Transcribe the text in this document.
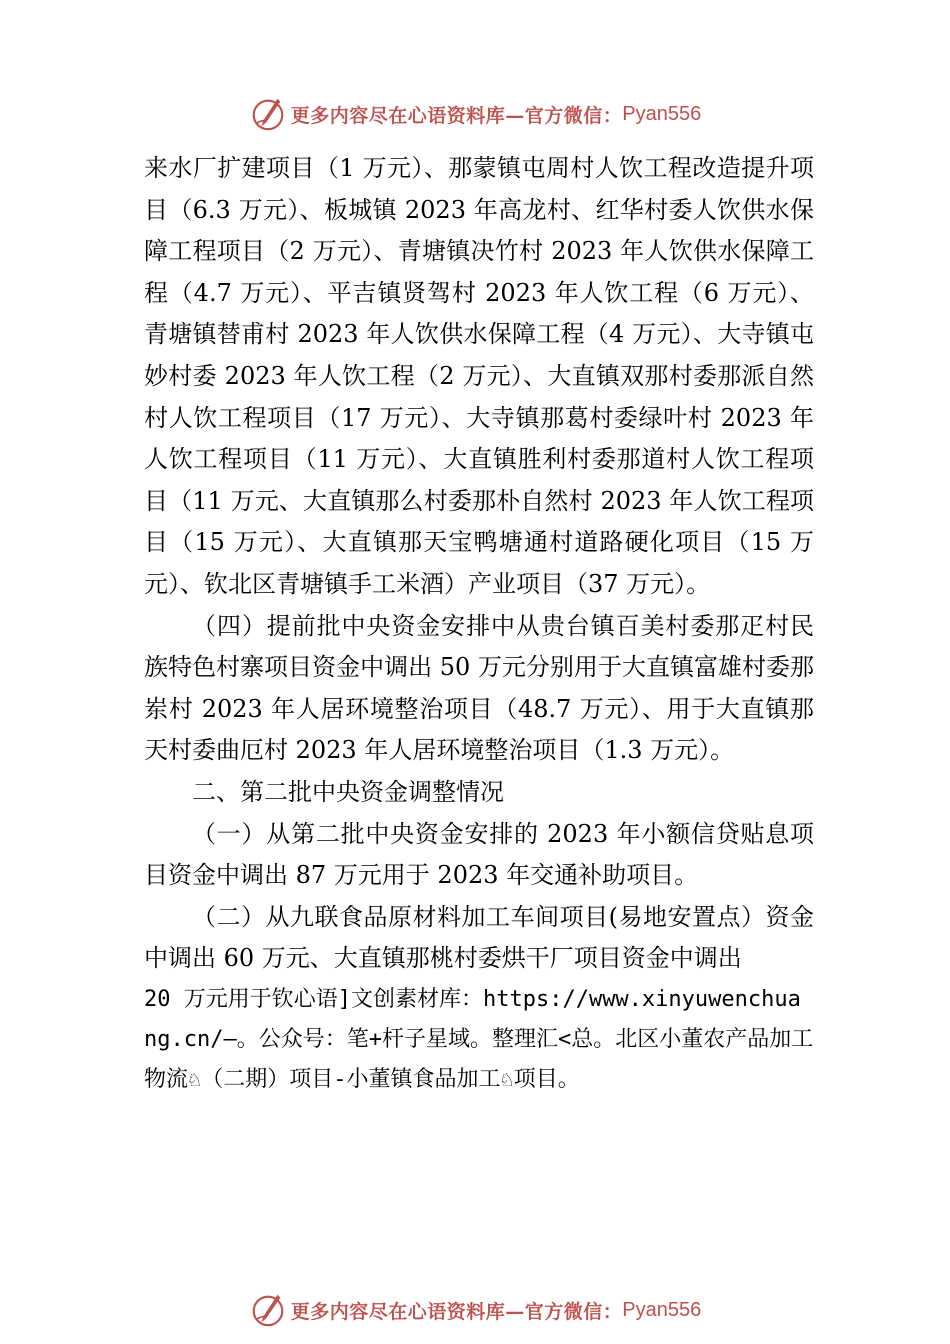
更多内容尽在心语资料库—官方微信： Pyan556

来水厂扩建项目（1 万元）、那蒙镇屯周村人饮工程改造提升项目（6.3 万元）、板城镇 2023 年高龙村、红华村委人饮供水保障工程项目（2 万元）、青塘镇决竹村 2023 年人饮供水保障工程（4.7 万元）、平吉镇贤驾村 2023 年人饮工程（6 万元）、青塘镇替甫村 2023 年人饮供水保障工程（4 万元）、大寺镇屯妙村委 2023 年人饮工程（2 万元）、大直镇双那村委那派自然村人饮工程项目（17 万元）、大寺镇那葛村委绿叶村 2023 年人饮工程项目（11 万元）、大直镇胜利村委那道村人饮工程项目（11 万元、大直镇那么村委那朴自然村 2023 年人饮工程项目（15 万元）、大直镇那天宝鸭塘通村道路硬化项目（15 万元）、钦北区青塘镇手工米酒）产业项目（37 万元）。

（四）提前批中央资金安排中从贵台镇百美村委那疋村民族特色村寨项目资金中调出 50 万元分别用于大直镇富雄村委那岽村 2023 年人居环境整治项目（48.7 万元）、用于大直镇那天村委曲厄村 2023 年人居环境整治项目（1.3 万元）。

二、第二批中央资金调整情况

（一）从第二批中央资金安排的 2023 年小额信贷贴息项目资金中调出 87 万元用于 2023 年交通补助项目。

（二）从九联食品原材料加工车间项目(易地安置点）资金中调出 60 万元、大直镇那桃村委烘干厂项目资金中调出

20 万元用于钦心语]文创素材库：https://www.xinyuwenchuang.cn/—。公众号：笔+杆子星域。整理汇<总。北区小董农产品加工物流♘（二期）项目-小董镇食品加工♘项目。

更多内容尽在心语资料库—官方微信： Pyan556
